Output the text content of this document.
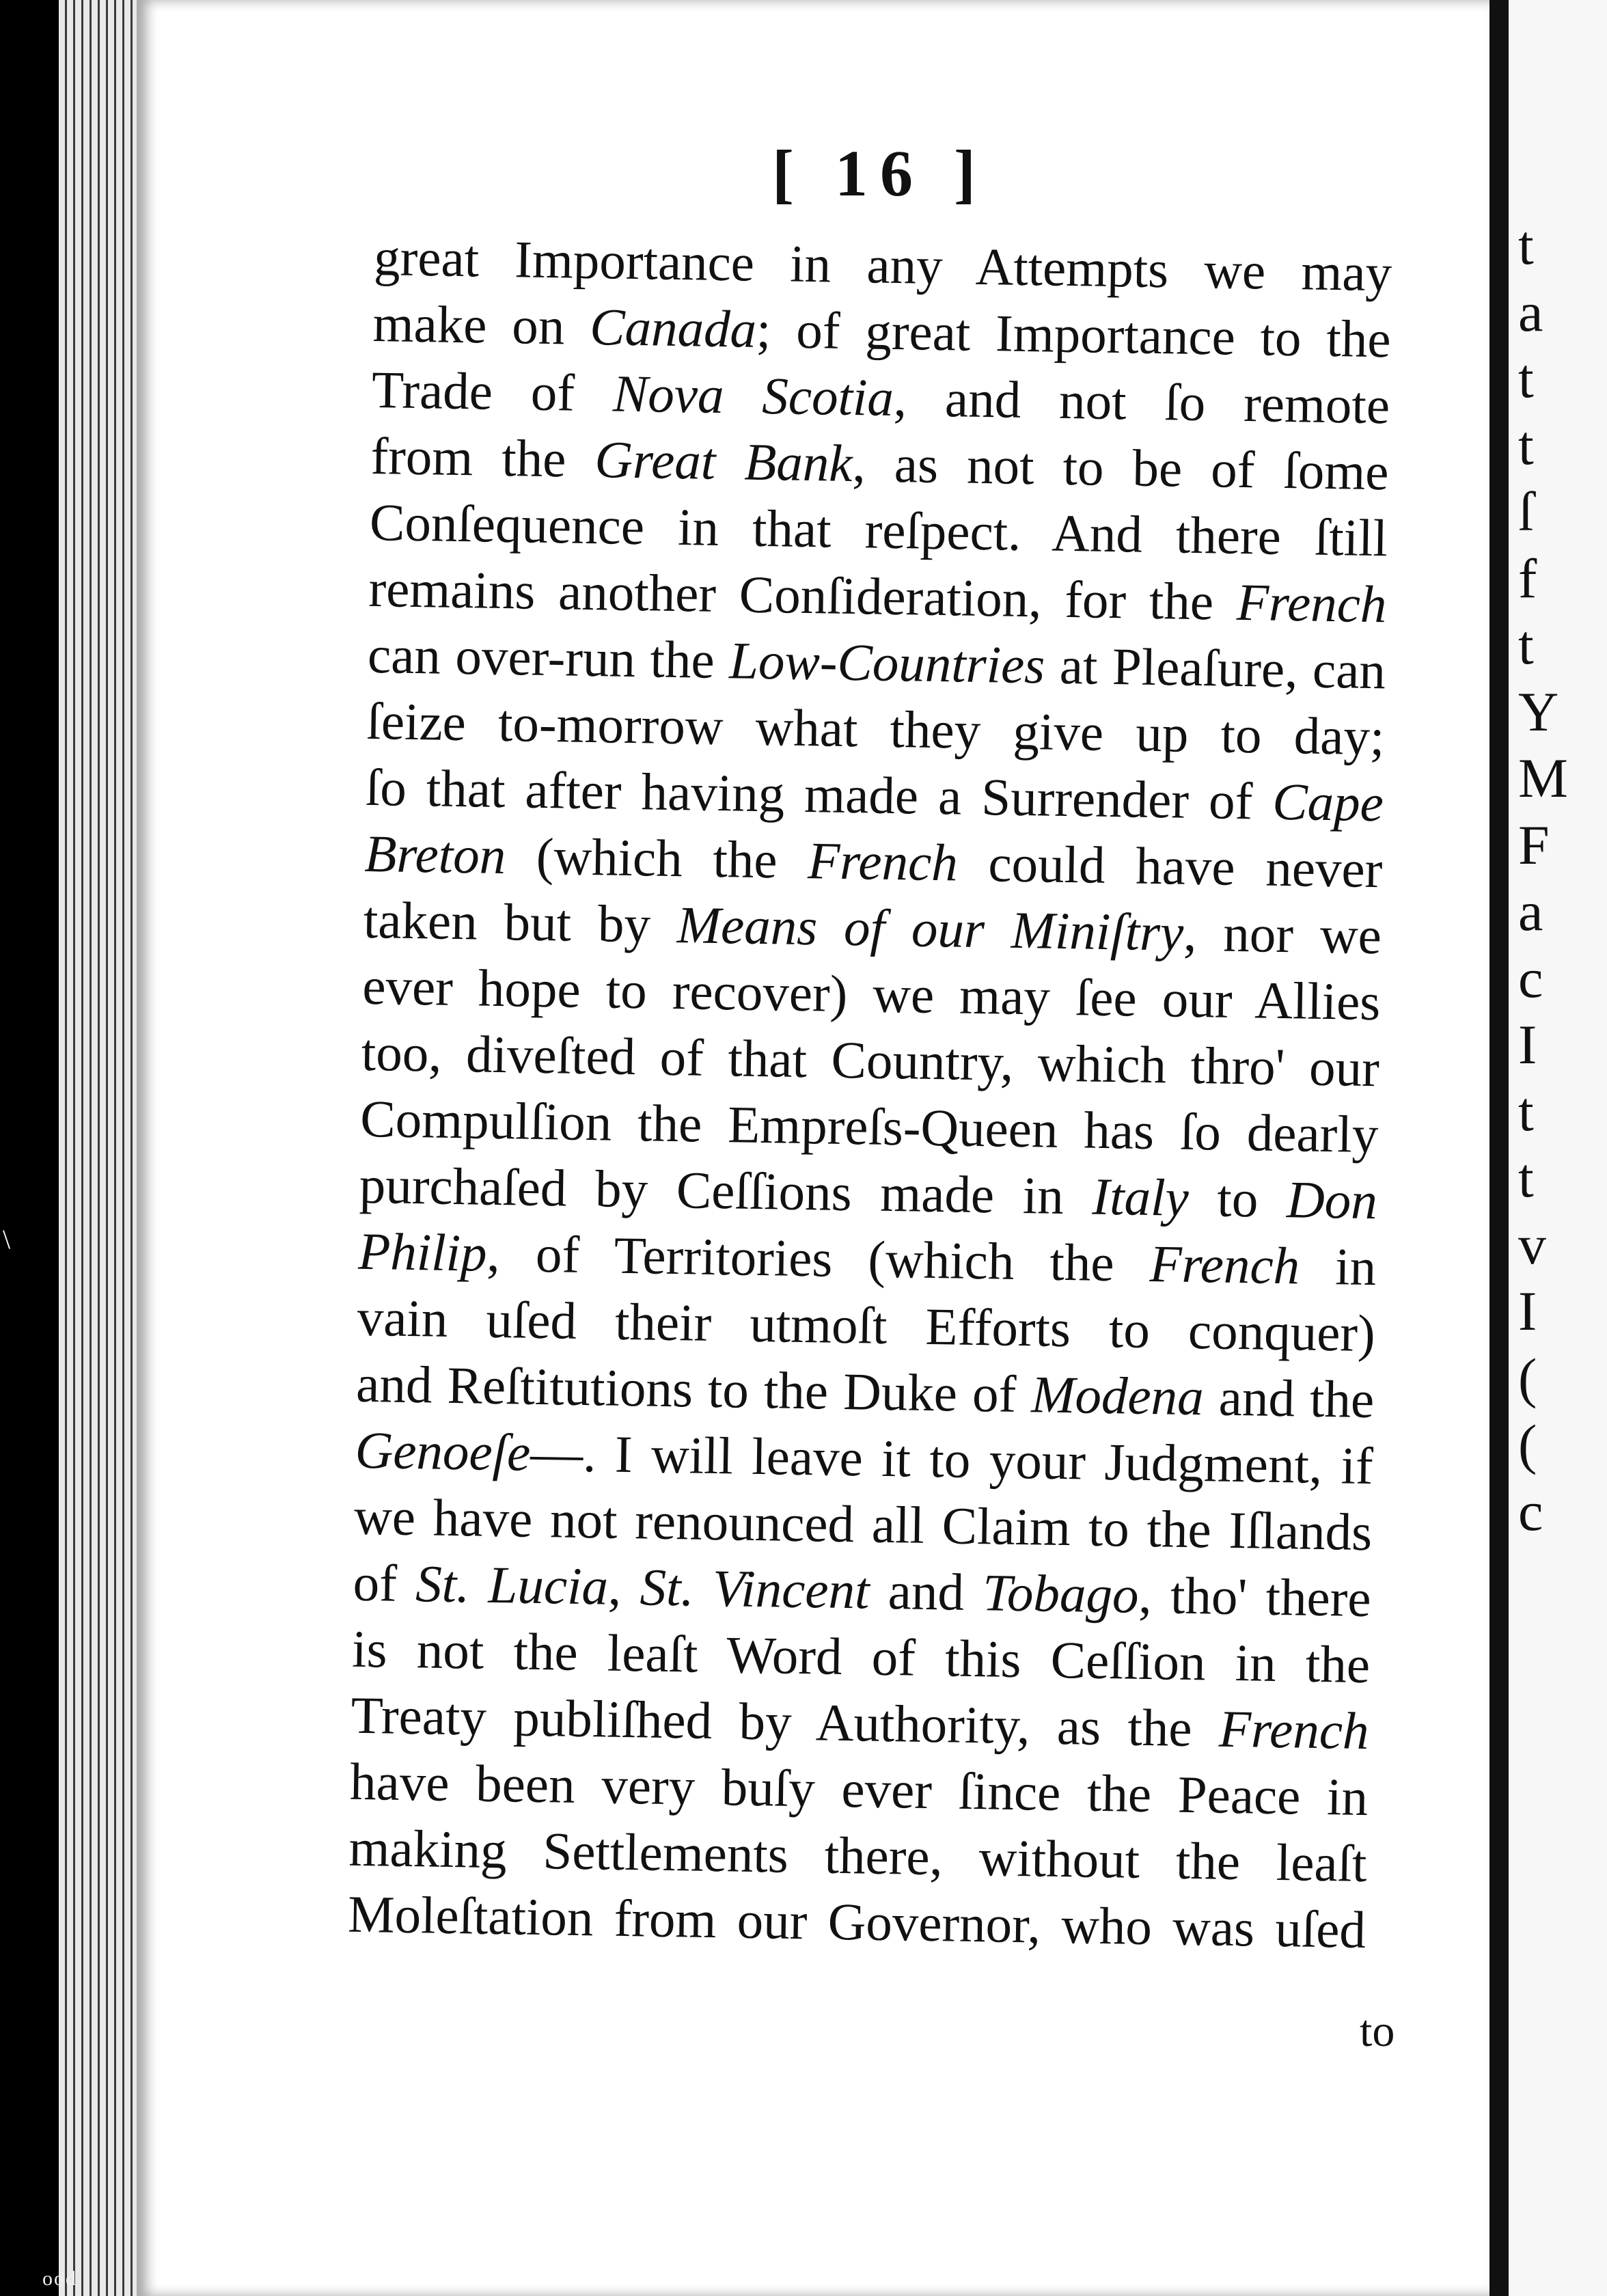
t
a
t
t
ſ
f
t
Y
M
F
a
c
I
t
t
v
I
(
(
c
\
ood
[ 16 ]
great Importance in any Attempts we may
make on Canada; of great Importance to the
Trade of Nova Scotia, and not ſo remote
from the Great Bank, as not to be of ſome
Conſequence in that reſpect. And there ſtill
remains another Conſideration, for the French
can over-run the Low-Countries at Pleaſure, can
ſeize to-morrow what they give up to day;
ſo that after having made a Surrender of Cape
Breton (which the French could have never
taken but by Means of our Miniſtry, nor we
ever hope to recover) we may ſee our Allies
too, diveſted of that Country, which thro' our
Compulſion the Empreſs-Queen has ſo dearly
purchaſed by Ceſſions made in Italy to Don
Philip, of Territories (which the French in
vain uſed their utmoſt Efforts to conquer)
and Reſtitutions to the Duke of Modena and the
Genoeſe—. I will leave it to your Judgment, if
we have not renounced all Claim to the Iſlands
of St. Lucia, St. Vincent and Tobago, tho' there
is not the leaſt Word of this Ceſſion in the
Treaty publiſhed by Authority, as the French
have been very buſy ever ſince the Peace in
making Settlements there, without the leaſt
Moleſtation from our Governor, who was uſed
to
